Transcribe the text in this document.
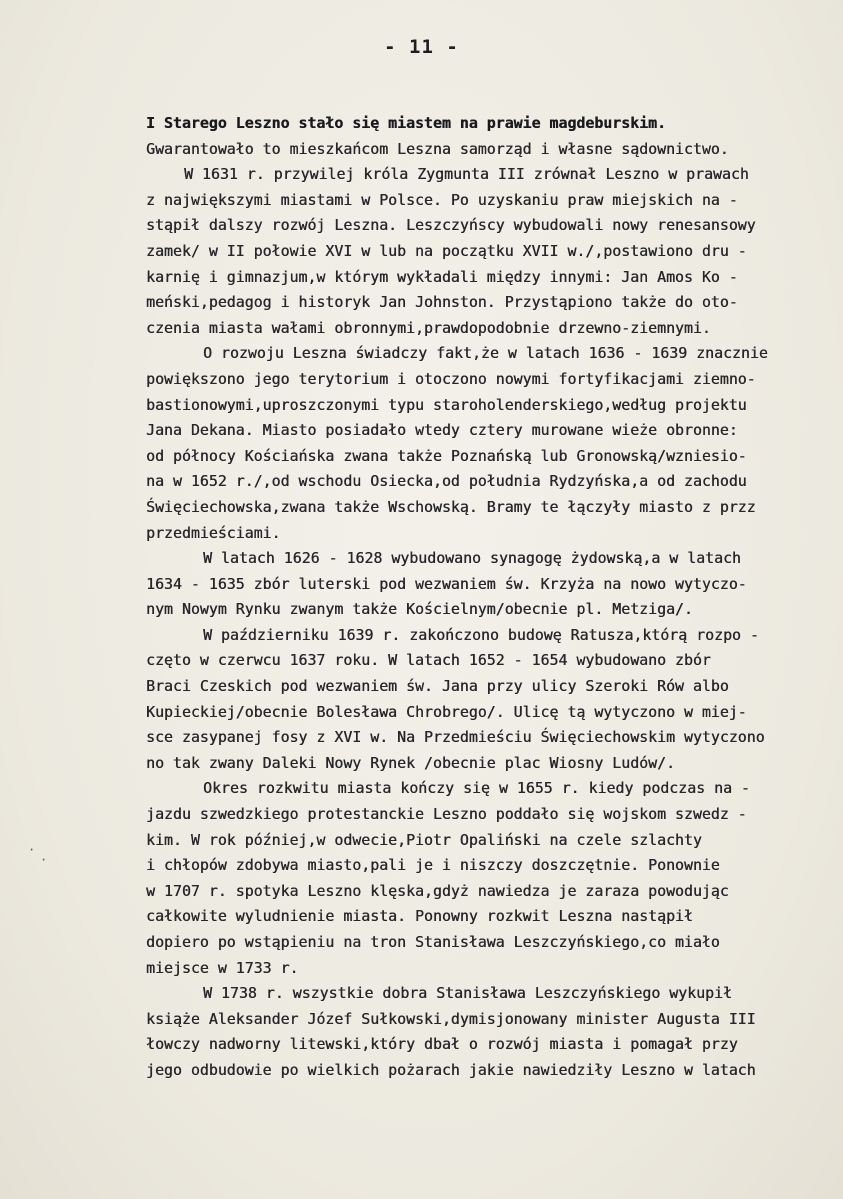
- 11 -
I Starego Leszno stało się miastem na prawie magdeburskim.
Gwarantowało to mieszkańcom Leszna samorząd i własne sądownictwo.
W 1631 r. przywilej króla Zygmunta III zrównał Leszno w prawach
z największymi miastami w Polsce. Po uzyskaniu praw miejskich na -
stąpił dalszy rozwój Leszna. Leszczyńscy wybudowali nowy renesansowy
zamek/ w II połowie XVI w lub na początku XVII w./,postawiono dru -
karnię i gimnazjum,w którym wykładali między innymi: Jan Amos Ko -
meński,pedagog i historyk Jan Johnston. Przystąpiono także do oto-
czenia miasta wałami obronnymi,prawdopodobnie drzewno-ziemnymi.
O rozwoju Leszna świadczy fakt,że w latach 1636 - 1639 znacznie
powiększono jego terytorium i otoczono nowymi fortyfikacjami ziemno-
bastionowymi,uproszczonymi typu staroholenderskiego,według projektu
Jana Dekana. Miasto posiadało wtedy cztery murowane wieże obronne:
od północy Kościańska zwana także Poznańską lub Gronowską/wzniesio-
na w 1652 r./,od wschodu Osiecka,od południa Rydzyńska,a od zachodu
Święciechowska,zwana także Wschowską. Bramy te łączyły miasto z przz
przedmieściami.
W latach 1626 - 1628 wybudowano synagogę żydowską,a w latach
1634 - 1635 zbór luterski pod wezwaniem św. Krzyża na nowo wytyczo-
nym Nowym Rynku zwanym także Kościelnym/obecnie pl. Metziga/.
W październiku 1639 r. zakończono budowę Ratusza,którą rozpo -
częto w czerwcu 1637 roku. W latach 1652 - 1654 wybudowano zbór
Braci Czeskich pod wezwaniem św. Jana przy ulicy Szeroki Rów albo
Kupieckiej/obecnie Bolesława Chrobrego/. Ulicę tą wytyczono w miej-
sce zasypanej fosy z XVI w. Na Przedmieściu Święciechowskim wytyczono
no tak zwany Daleki Nowy Rynek /obecnie plac Wiosny Ludów/.
Okres rozkwitu miasta kończy się w 1655 r. kiedy podczas na -
jazdu szwedzkiego protestanckie Leszno poddało się wojskom szwedz -
kim. W rok później,w odwecie,Piotr Opaliński na czele szlachty
i chłopów zdobywa miasto,pali je i niszczy doszczętnie. Ponownie
w 1707 r. spotyka Leszno klęska,gdyż nawiedza je zaraza powodując
całkowite wyludnienie miasta. Ponowny rozkwit Leszna nastąpił
dopiero po wstąpieniu na tron Stanisława Leszczyńskiego,co miało
miejsce w 1733 r.
W 1738 r. wszystkie dobra Stanisława Leszczyńskiego wykupił
książe Aleksander Józef Sułkowski,dymisjonowany minister Augusta III
łowczy nadworny litewski,który dbał o rozwój miasta i pomagał przy
jego odbudowie po wielkich pożarach jakie nawiedziły Leszno w latach
·
·
